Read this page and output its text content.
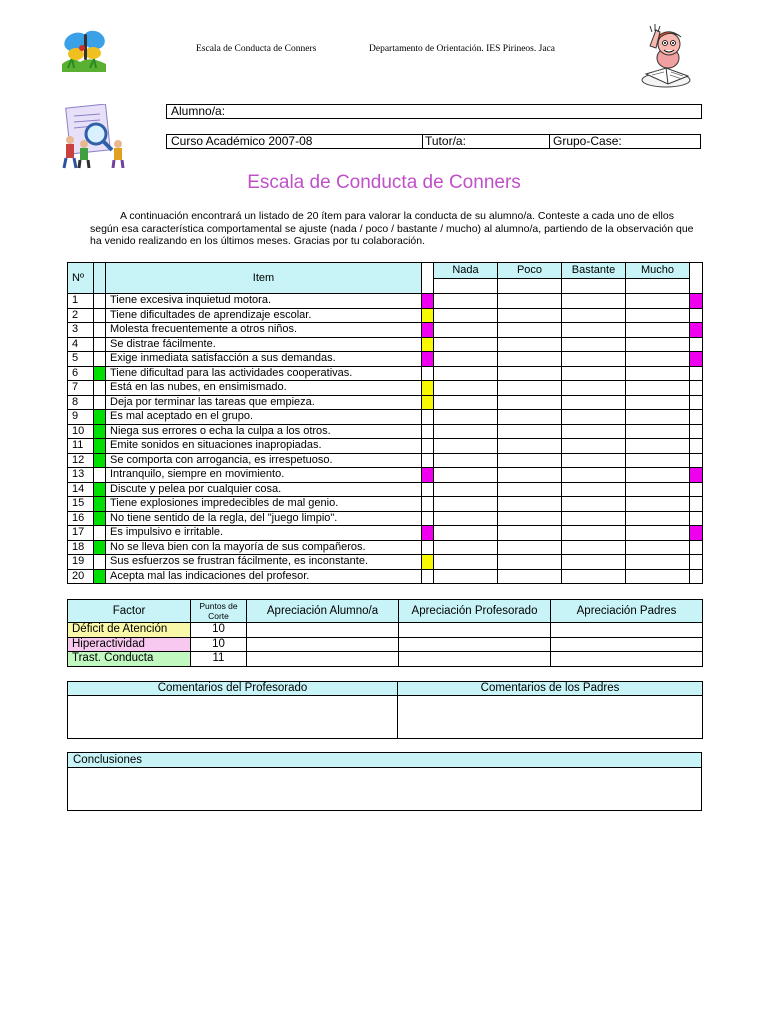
Escala de Conducta de Conners	Departamento de Orientación. IES Pirineos. Jaca
Alumno/a:
Curso Académico 2007-08	Tutor/a:	Grupo-Case:
Escala de Conducta de Conners

A continuación encontrará un listado de 20 ítem para valorar la conducta de su alumno/a. Conteste a cada uno de ellos según esa característica comportamental se ajuste (nada / poco / bastante / mucho) al alumno/a, partiendo de la observación que ha venido realizando en los últimos meses. Gracias por tu colaboración.

Nº		Item		Nada	Poco	Bastante	Mucho	

1		Tiene excesiva inquietud motora.						
2		Tiene dificultades de aprendizaje escolar.						
3		Molesta frecuentemente a otros niños.						
4		Se distrae fácilmente.						
5		Exige inmediata satisfacción a sus demandas.						
6		Tiene dificultad para las actividades cooperativas.						
7		Está en las nubes, en ensimismado.						
8		Deja por terminar las tareas que empieza.						
9		Es mal aceptado en el grupo.						
10		Niega sus errores o echa la culpa a los otros.						
11		Emite sonidos en situaciones inapropiadas.						
12		Se comporta con arrogancia, es irrespetuoso.						
13		Intranquilo, siempre en movimiento.						
14		Discute y pelea por cualquier cosa.						
15		Tiene explosiones impredecibles de mal genio.						
16		No tiene sentido de la regla, del "juego limpio".						
17		Es impulsivo e irritable.						
18		No se lleva bien con la mayoría de sus compañeros.						
19		Sus esfuerzos se frustran fácilmente, es inconstante.						
20		Acepta mal las indicaciones del profesor.						
Factor	Puntos de Corte	Apreciación Alumno/a	Apreciación Profesorado	Apreciación Padres
Déficit de Atención	10			
Hiperactividad	10			
Trast. Conducta	11			
Comentarios del Profesorado	Comentarios de los Padres

Conclusiones
